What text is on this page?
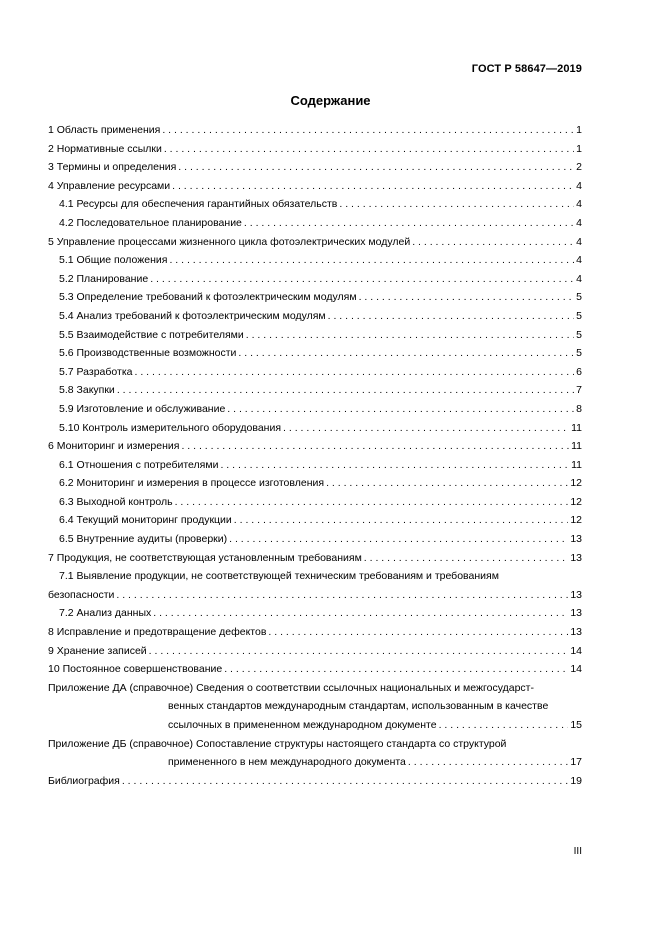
ГОСТ Р 58647—2019
Содержание
1 Область применения . . .	1
2 Нормативные ссылки . . .	1
3 Термины и определения . . .	2
4 Управление ресурсами . . .	4
4.1 Ресурсы для обеспечения гарантийных обязательств . . .	4
4.2 Последовательное планирование . . .	4
5 Управление процессами жизненного цикла фотоэлектрических модулей . . .	4
5.1 Общие положения . . .	4
5.2 Планирование . . .	4
5.3 Определение требований к фотоэлектрическим модулям . . .	5
5.4 Анализ требований к фотоэлектрическим модулям . . .	5
5.5 Взаимодействие с потребителями . . .	5
5.6 Производственные возможности . . .	5
5.7 Разработка . . .	6
5.8 Закупки . . .	7
5.9 Изготовление и обслуживание . . .	8
5.10 Контроль измерительного оборудования . . .	11
6 Мониторинг и измерения . . .	11
6.1 Отношения с потребителями . . .	11
6.2 Мониторинг и измерения в процессе изготовления . . .	12
6.3 Выходной контроль . . .	12
6.4 Текущий мониторинг продукции . . .	12
6.5 Внутренние аудиты (проверки) . . .	13
7 Продукция, не соответствующая установленным требованиям . . .	13
7.1 Выявление продукции, не соответствующей техническим требованиям и требованиям
безопасности . . .	13
7.2 Анализ данных . . .	13
8 Исправление и предотвращение дефектов . . .	13
9 Хранение записей . . .	14
10 Постоянное совершенствование . . .	14
Приложение ДА (справочное) Сведения о соответствии ссылочных национальных и межгосударст-
венных стандартов международным стандартам, использованным в качестве
ссылочных в примененном международном документе . . .	15
Приложение ДБ (справочное) Сопоставление структуры настоящего стандарта со структурой
примененного в нем международного документа . . .	17
Библиография . . .	19
III
